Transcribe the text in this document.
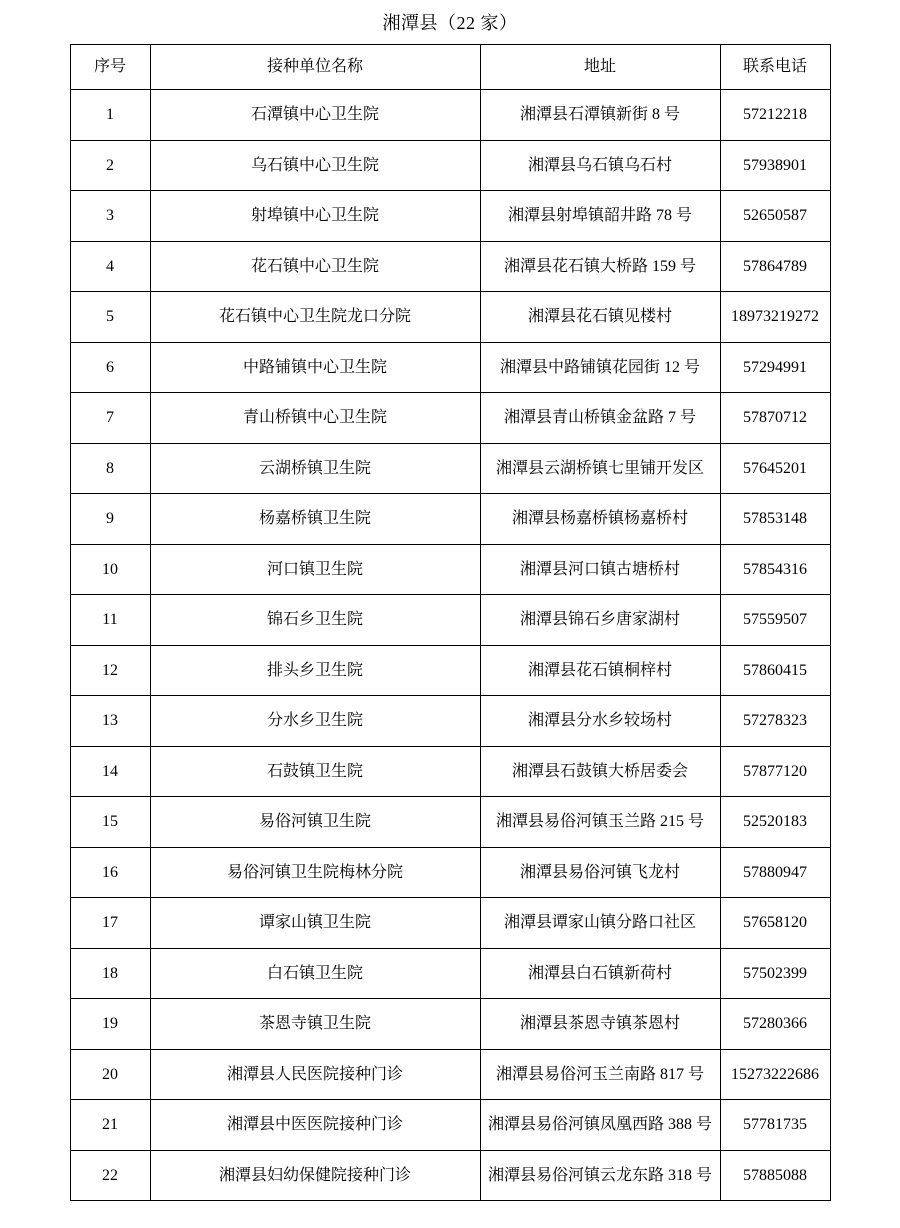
湘潭县（22 家）
序号	接种单位名称	地址	联系电话
1	石潭镇中心卫生院	湘潭县石潭镇新街 8 号	57212218
2	乌石镇中心卫生院	湘潭县乌石镇乌石村	57938901
3	射埠镇中心卫生院	湘潭县射埠镇韶井路 78 号	52650587
4	花石镇中心卫生院	湘潭县花石镇大桥路 159 号	57864789
5	花石镇中心卫生院龙口分院	湘潭县花石镇见楼村	18973219272
6	中路铺镇中心卫生院	湘潭县中路铺镇花园街 12 号	57294991
7	青山桥镇中心卫生院	湘潭县青山桥镇金盆路 7 号	57870712
8	云湖桥镇卫生院	湘潭县云湖桥镇七里铺开发区	57645201
9	杨嘉桥镇卫生院	湘潭县杨嘉桥镇杨嘉桥村	57853148
10	河口镇卫生院	湘潭县河口镇古塘桥村	57854316
11	锦石乡卫生院	湘潭县锦石乡唐家湖村	57559507
12	排头乡卫生院	湘潭县花石镇桐梓村	57860415
13	分水乡卫生院	湘潭县分水乡较场村	57278323
14	石鼓镇卫生院	湘潭县石鼓镇大桥居委会	57877120
15	易俗河镇卫生院	湘潭县易俗河镇玉兰路 215 号	52520183
16	易俗河镇卫生院梅林分院	湘潭县易俗河镇飞龙村	57880947
17	谭家山镇卫生院	湘潭县谭家山镇分路口社区	57658120
18	白石镇卫生院	湘潭县白石镇新荷村	57502399
19	茶恩寺镇卫生院	湘潭县茶恩寺镇茶恩村	57280366
20	湘潭县人民医院接种门诊	湘潭县易俗河玉兰南路 817 号	15273222686
21	湘潭县中医医院接种门诊	湘潭县易俗河镇凤凰西路 388 号	57781735
22	湘潭县妇幼保健院接种门诊	湘潭县易俗河镇云龙东路 318 号	57885088
